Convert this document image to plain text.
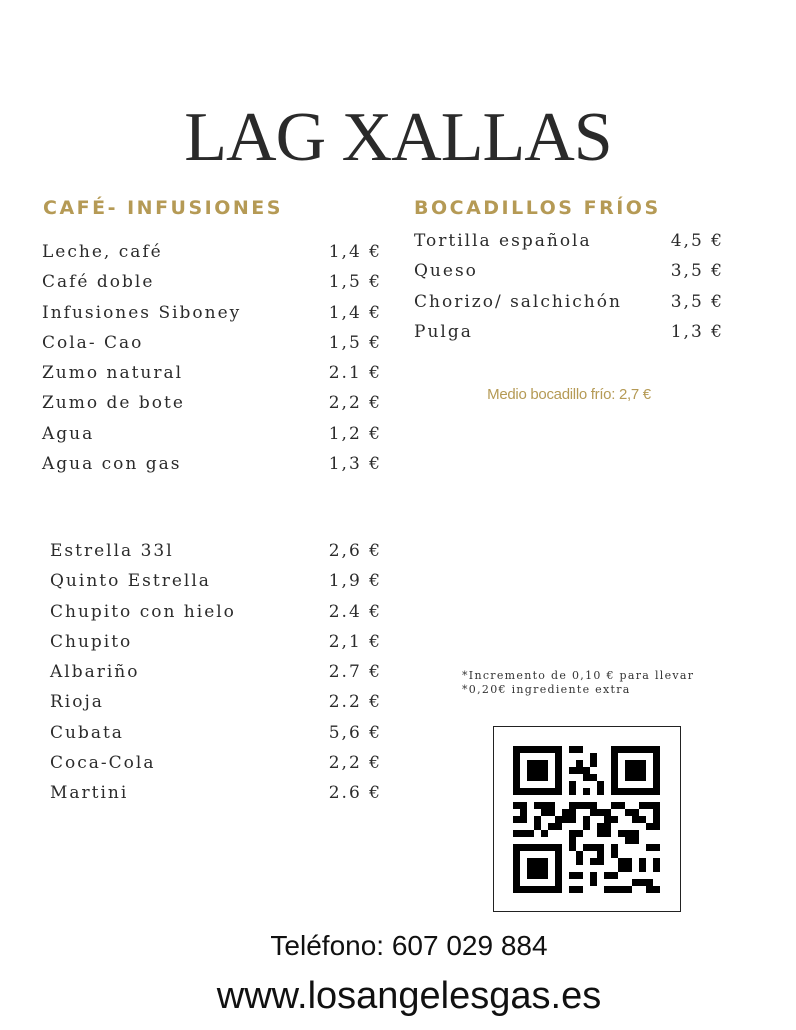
LAG XALLAS
CAFÉ- INFUSIONES
Leche, café	1,4 €
Café doble	1,5 €
Infusiones Siboney	1,4 €
Cola- Cao	1,5 €
Zumo natural	2.1 €
Zumo de bote	2,2 €
Agua	1,2 €
Agua con gas	1,3 €
Estrella 33l	2,6 €
Quinto Estrella	1,9 €
Chupito con hielo	2.4 €
Chupito	2,1 €
Albariño	2.7 €
Rioja	2.2 €
Cubata	5,6 €
Coca-Cola	2,2 €
Martini	2.6 €
BOCADILLOS FRÍOS
Tortilla española	4,5 €
Queso	3,5 €
Chorizo/ salchichón	3,5 €
Pulga	1,3 €
Medio bocadillo frío: 2,7 €
*Incremento de 0,10 € para llevar
*0,20€ ingrediente extra
Teléfono: 607 029 884
www.losangelesgas.es
